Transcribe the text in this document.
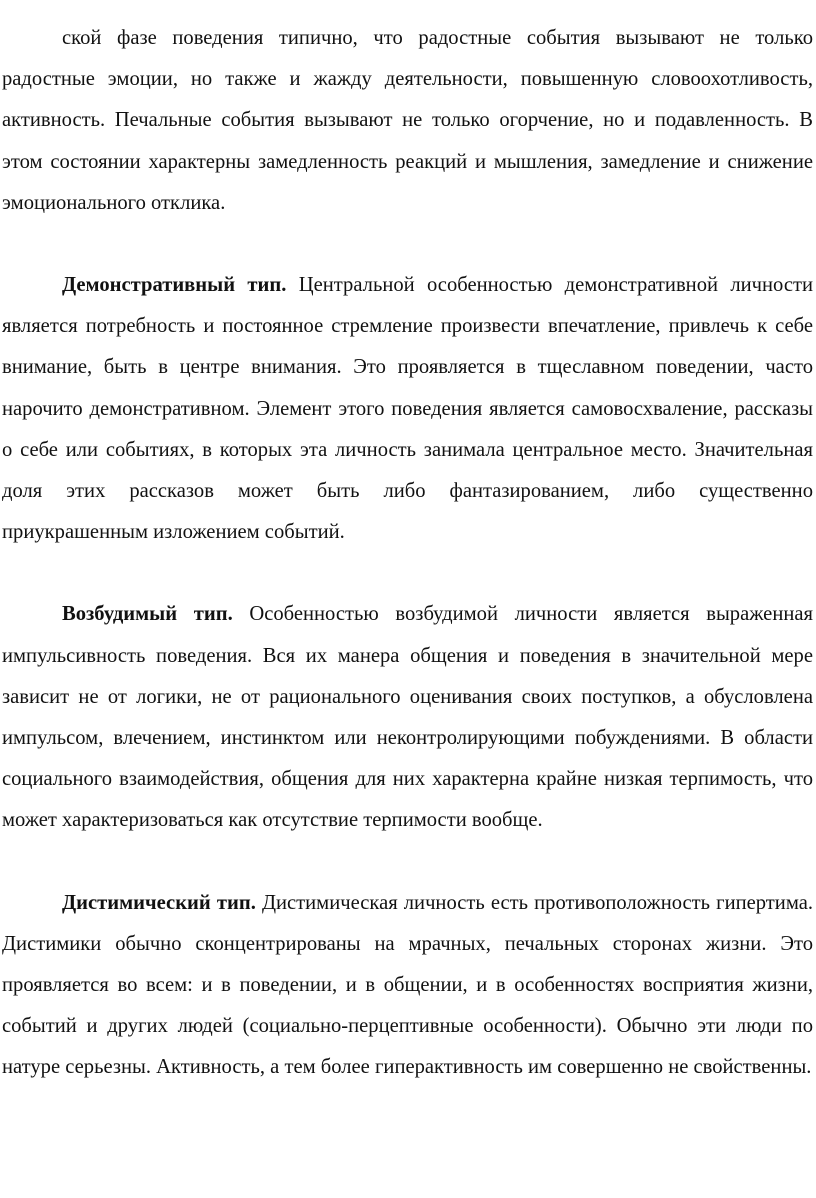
ской фазе поведения типично, что радостные события вызывают не только радостные эмоции, но также и жажду деятельности, повышенную словоохотливость, активность. Печальные события вызывают не только огорчение, но и подавленность. В этом состоянии характерны замедленность реакций и мышления, замедление и снижение эмоционального отклика.

Демонстративный тип. Центральной особенностью демонстративной личности является потребность и постоянное стремление произвести впечатление, привлечь к себе внимание, быть в центре внимания. Это проявляется в тщеславном поведении, часто нарочито демонстративном. Элемент этого поведения является самовосхваление, рассказы о себе или событиях, в которых эта личность занимала центральное место. Значительная доля этих рассказов может быть либо фантазированием, либо существенно приукрашенным изложением событий.

Возбудимый тип. Особенностью возбудимой личности является выраженная импульсивность поведения. Вся их манера общения и поведения в значительной мере зависит не от логики, не от рационального оценивания своих поступков, а обусловлена импульсом, влечением, инстинктом или неконтролирующими побуждениями. В области социального взаимодействия, общения для них характерна крайне низкая терпимость, что может характеризоваться как отсутствие терпимости вообще.

Дистимический тип. Дистимическая личность есть противоположность гипертима. Дистимики обычно сконцентрированы на мрачных, печальных сторонах жизни. Это проявляется во всем: и в поведении, и в общении, и в особенностях восприятия жизни, событий и других людей (социально-перцептивные особенности). Обычно эти люди по натуре серьезны. Активность, а тем более гиперактивность им совершенно не свойственны.
